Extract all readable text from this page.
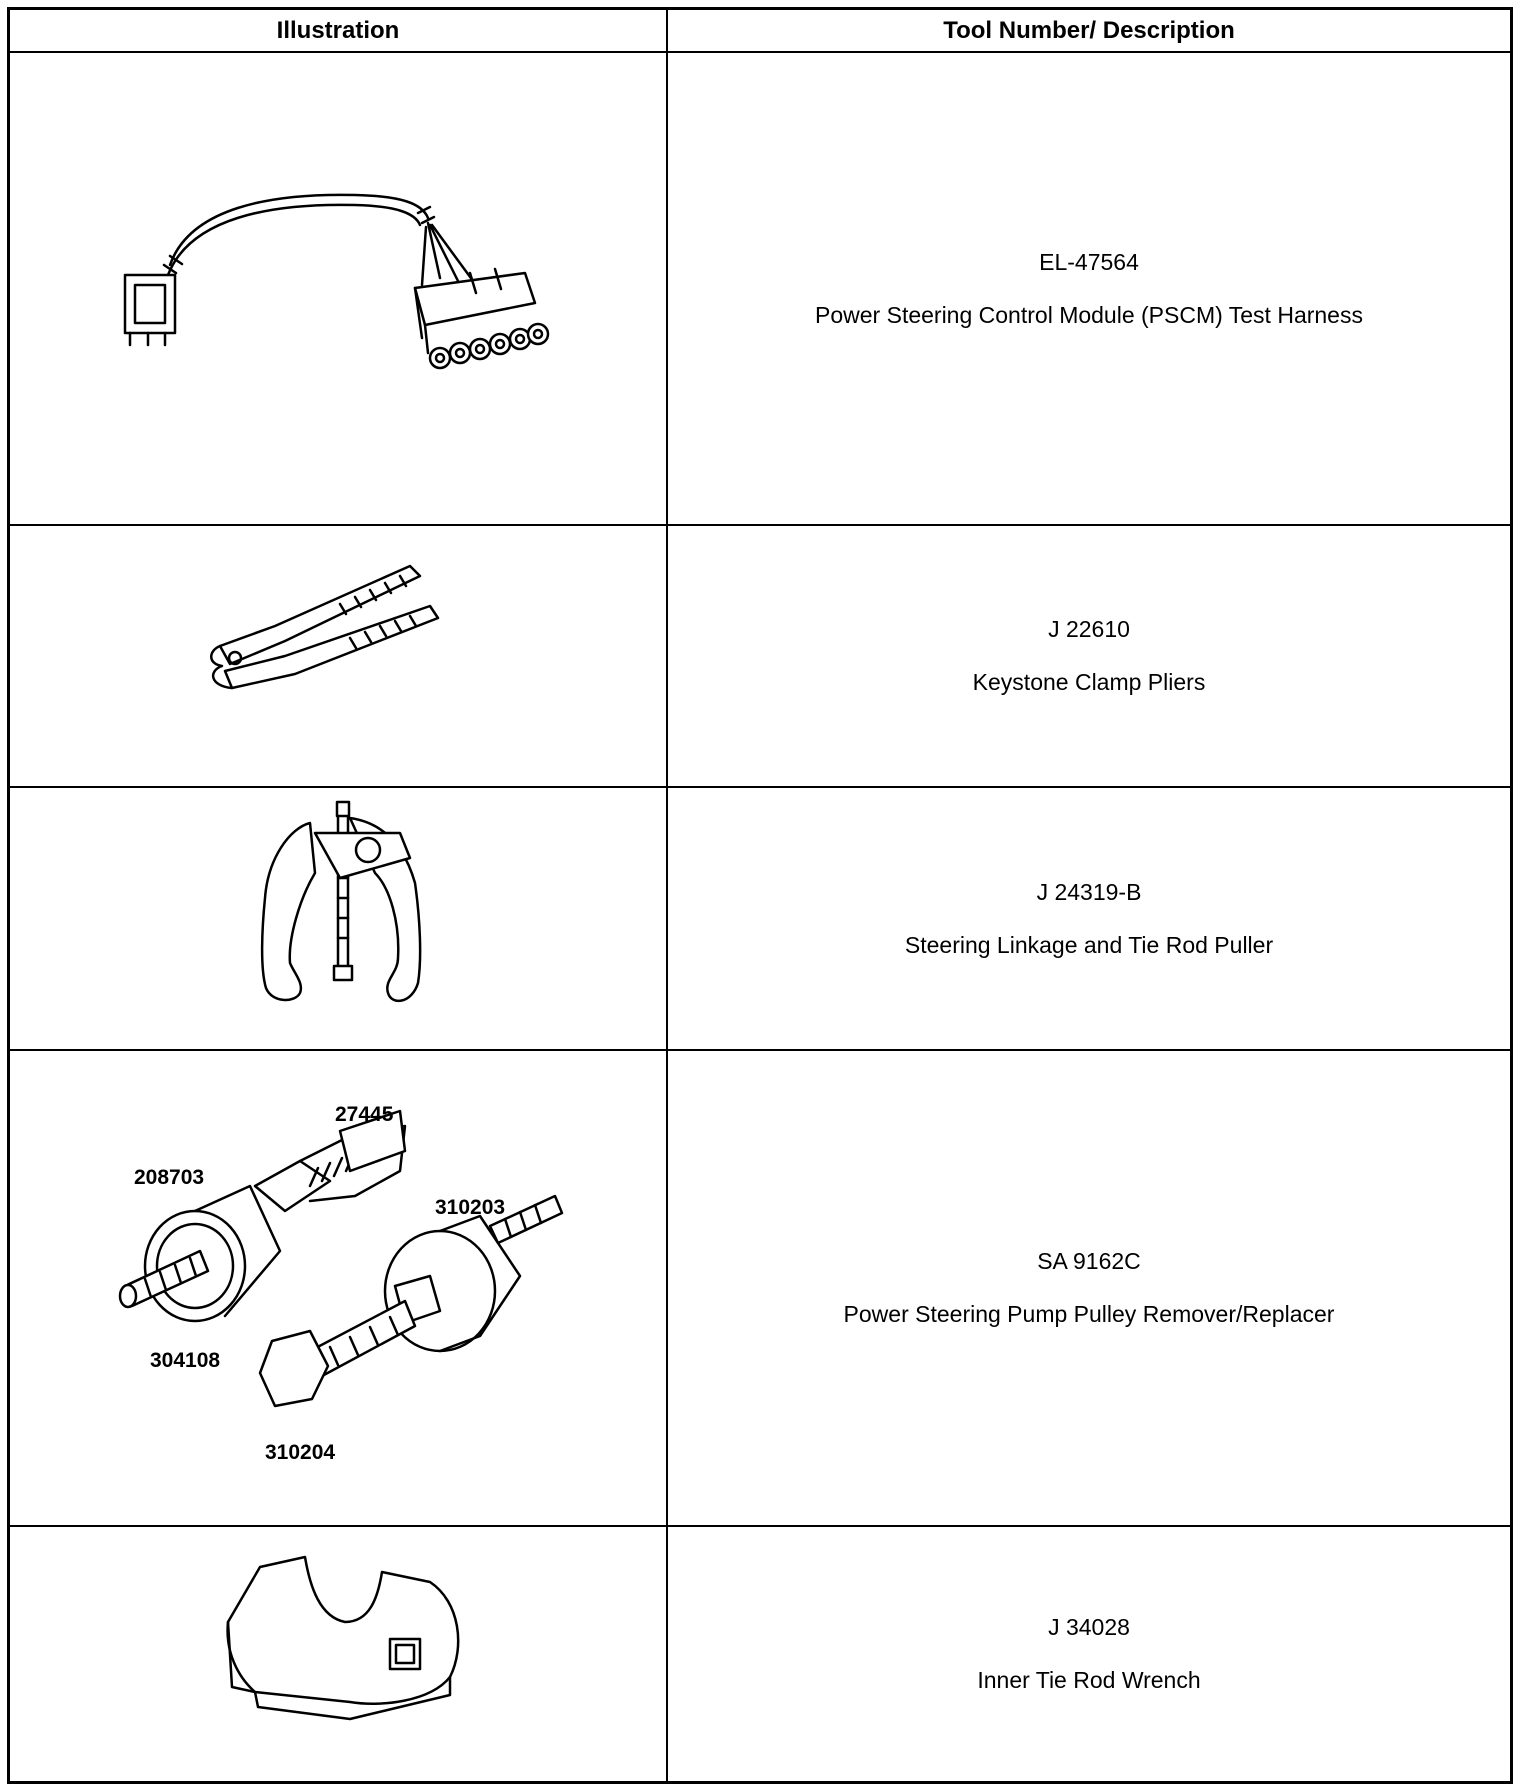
Illustration	Tool Number/ Description
EL-47564
Power Steering Control Module (PSCM) Test Harness
J 22610
Keystone Clamp Pliers
J 24319-B
Steering Linkage and Tie Rod Puller
27445
208703
310203
304108
310204
SA 9162C
Power Steering Pump Pulley Remover/Replacer
J 34028
Inner Tie Rod Wrench
